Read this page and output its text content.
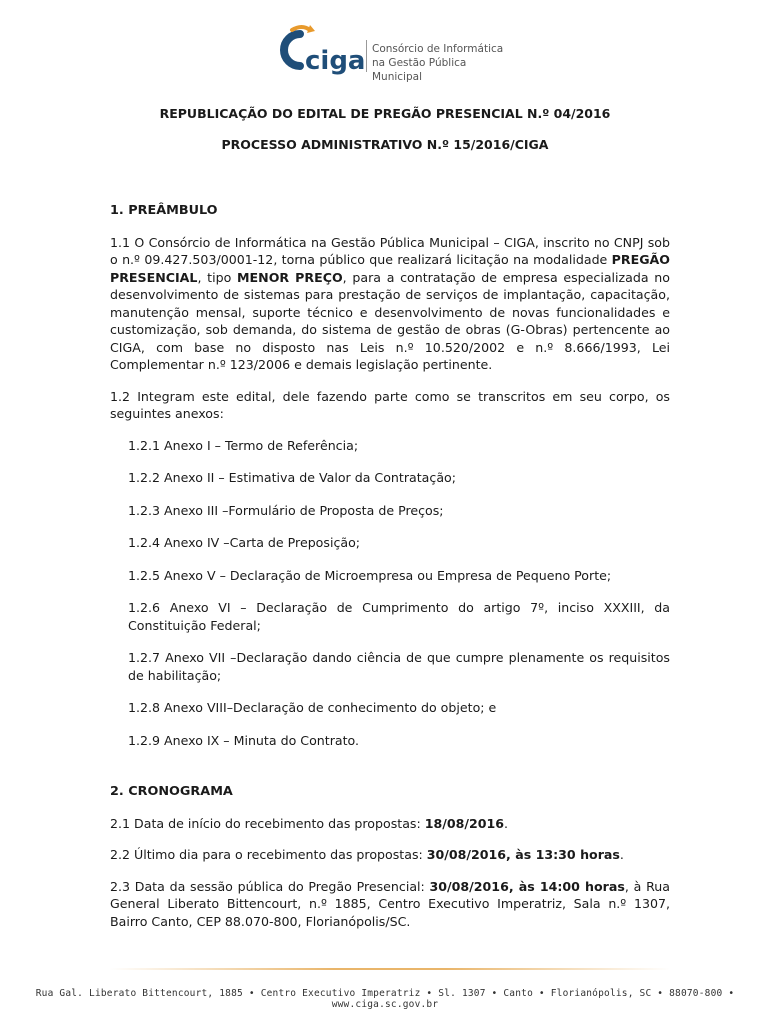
ciga Consórcio de Informática
na Gestão Pública Municipal
REPUBLICAÇÃO DO EDITAL DE PREGÃO PRESENCIAL N.º 04/2016
PROCESSO ADMINISTRATIVO N.º 15/2016/CIGA
1. PREÂMBULO
1.1 O Consórcio de Informática na Gestão Pública Municipal – CIGA, inscrito no CNPJ sob o n.º 09.427.503/0001-12, torna público que realizará licitação na modalidade PREGÃO PRESENCIAL, tipo MENOR PREÇO, para a contratação de empresa especializada no desenvolvimento de sistemas para prestação de serviços de implantação, capacitação, manutenção mensal, suporte técnico e desenvolvimento de novas funcionalidades e customização, sob demanda, do sistema de gestão de obras (G-Obras) pertencente ao CIGA, com base no disposto nas Leis n.º 10.520/2002 e n.º 8.666/1993, Lei Complementar n.º 123/2006 e demais legislação pertinente.
1.2 Integram este edital, dele fazendo parte como se transcritos em seu corpo, os seguintes anexos:
1.2.1 Anexo I – Termo de Referência;
1.2.2 Anexo II – Estimativa de Valor da Contratação;
1.2.3 Anexo III –Formulário de Proposta de Preços;
1.2.4 Anexo IV –Carta de Preposição;
1.2.5 Anexo V – Declaração de Microempresa ou Empresa de Pequeno Porte;
1.2.6 Anexo VI – Declaração de Cumprimento do artigo 7º, inciso XXXIII, da Constituição Federal;
1.2.7 Anexo VII –Declaração dando ciência de que cumpre plenamente os requisitos de habilitação;
1.2.8 Anexo VIII–Declaração de conhecimento do objeto; e
1.2.9 Anexo IX – Minuta do Contrato.
2. CRONOGRAMA
2.1 Data de início do recebimento das propostas: 18/08/2016.
2.2 Último dia para o recebimento das propostas: 30/08/2016, às 13:30 horas.
2.3 Data da sessão pública do Pregão Presencial: 30/08/2016, às 14:00 horas, à Rua General Liberato Bittencourt, n.º 1885, Centro Executivo Imperatriz, Sala n.º 1307, Bairro Canto, CEP 88.070-800, Florianópolis/SC.
Rua Gal. Liberato Bittencourt, 1885 • Centro Executivo Imperatriz • Sl. 1307 • Canto • Florianópolis, SC • 88070-800 • www.ciga.sc.gov.br
